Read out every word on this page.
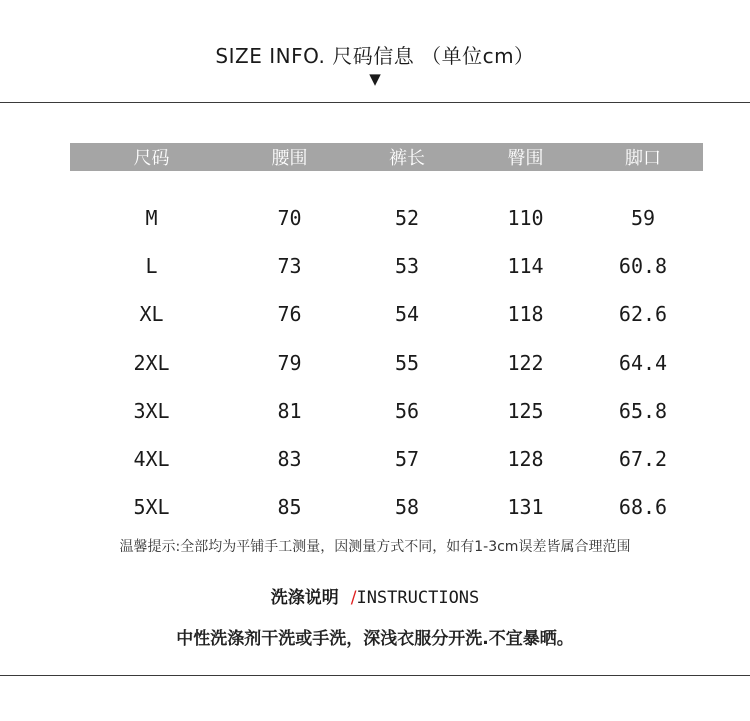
SIZE INFO. 尺码信息 （单位cm）
▼
尺码	腰围	裤长	臀围	脚口
M	70	52	110	59
L	73	53	114	60.8
XL	76	54	118	62.6
2XL	79	55	122	64.4
3XL	81	56	125	65.8
4XL	83	57	128	67.2
5XL	85	58	131	68.6
温馨提示:全部均为平铺手工测量，因测量方式不同，如有1-3cm误差皆属合理范围
洗涤说明 /INSTRUCTIONS
中性洗涤剂干洗或手洗，深浅衣服分开洗.不宜暴晒。
